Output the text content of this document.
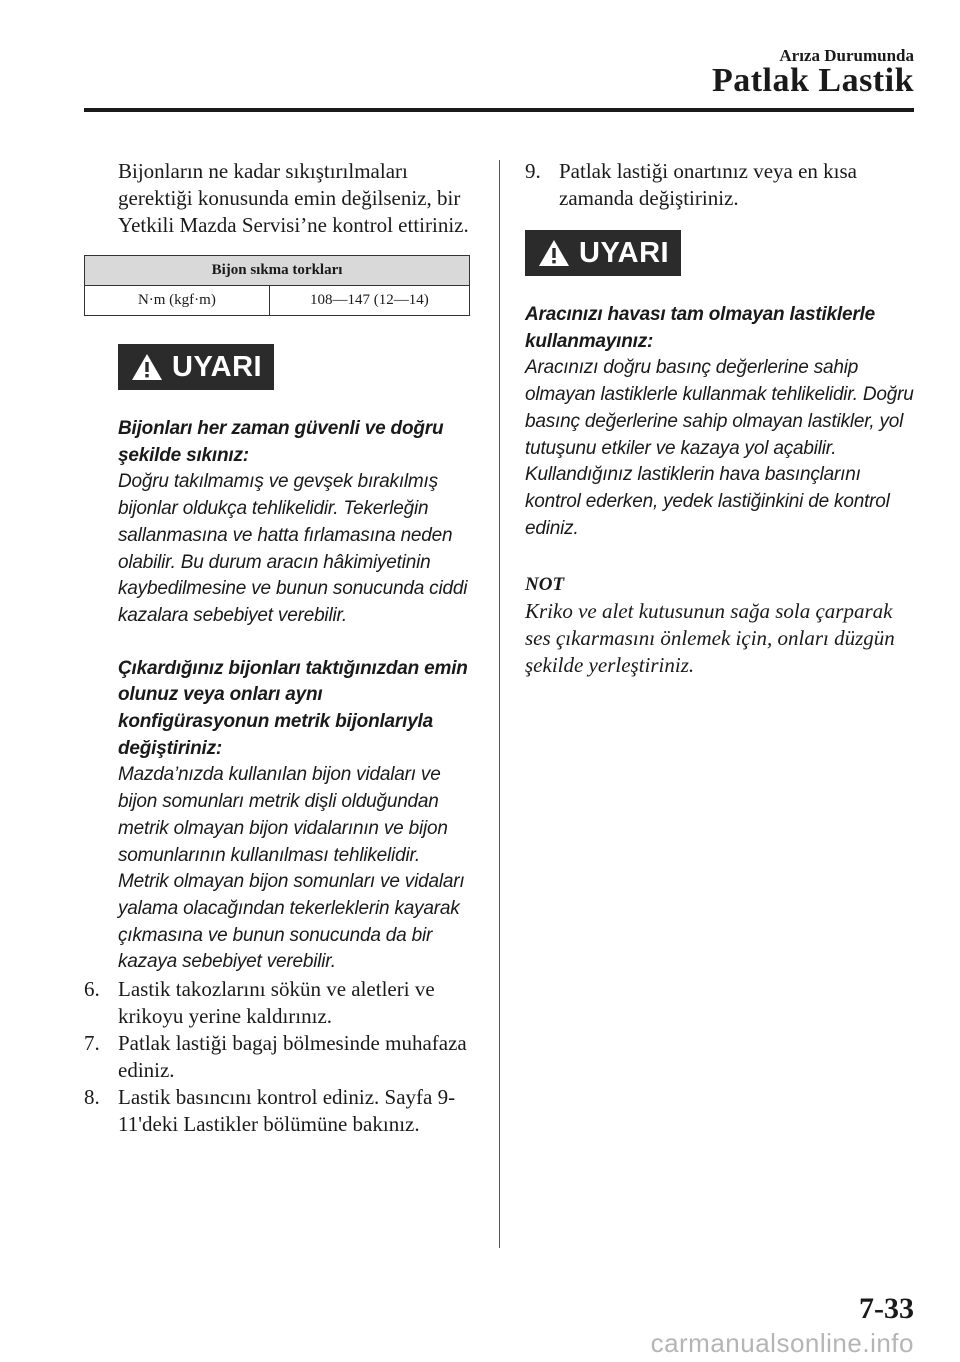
Arıza Durumunda
Patlak Lastik

Bijonların ne kadar sıkıştırılmaları gerektiği konusunda emin değilseniz, bir Yetkili Mazda Servisi’ne kontrol ettiriniz.

Bijon sıkma torkları
N·m (kgf·m)	108—147 (12—14)
UYARI

Bijonları her zaman güvenli ve doğru şekilde sıkınız:

Doğru takılmamış ve gevşek bırakılmış bijonlar oldukça tehlikelidir. Tekerleğin sallanmasına ve hatta fırlamasına neden olabilir. Bu durum aracın hâkimiyetinin kaybedilmesine ve bunun sonucunda ciddi kazalara sebebiyet verebilir.

Çıkardığınız bijonları taktığınızdan emin olunuz veya onları aynı konfigürasyonun metrik bijonlarıyla değiştiriniz:

Mazda’nızda kullanılan bijon vidaları ve bijon somunları metrik dişli olduğundan metrik olmayan bijon vidalarının ve bijon somunlarının kullanılması tehlikelidir. Metrik olmayan bijon somunları ve vidaları yalama olacağından tekerleklerin kayarak çıkmasına ve bunun sonucunda da bir kazaya sebebiyet verebilir.

6. Lastik takozlarını sökün ve aletleri ve krikoyu yerine kaldırınız.
7. Patlak lastiği bagaj bölmesinde muhafaza ediniz.
8. Lastik basıncını kontrol ediniz. Sayfa 9-11'deki Lastikler bölümüne bakınız.
9. Patlak lastiği onartınız veya en kısa zamanda değiştiriniz.
UYARI

Aracınızı havası tam olmayan lastiklerle kullanmayınız:

Aracınızı doğru basınç değerlerine sahip olmayan lastiklerle kullanmak tehlikelidir. Doğru basınç değerlerine sahip olmayan lastikler, yol tutuşunu etkiler ve kazaya yol açabilir. Kullandığınız lastiklerin hava basınçlarını kontrol ederken, yedek lastiğinkini de kontrol ediniz.

NOT

Kriko ve alet kutusunun sağa sola çarparak ses çıkarmasını önlemek için, onları düzgün şekilde yerleştiriniz.

7-33
carmanualsonline.info
